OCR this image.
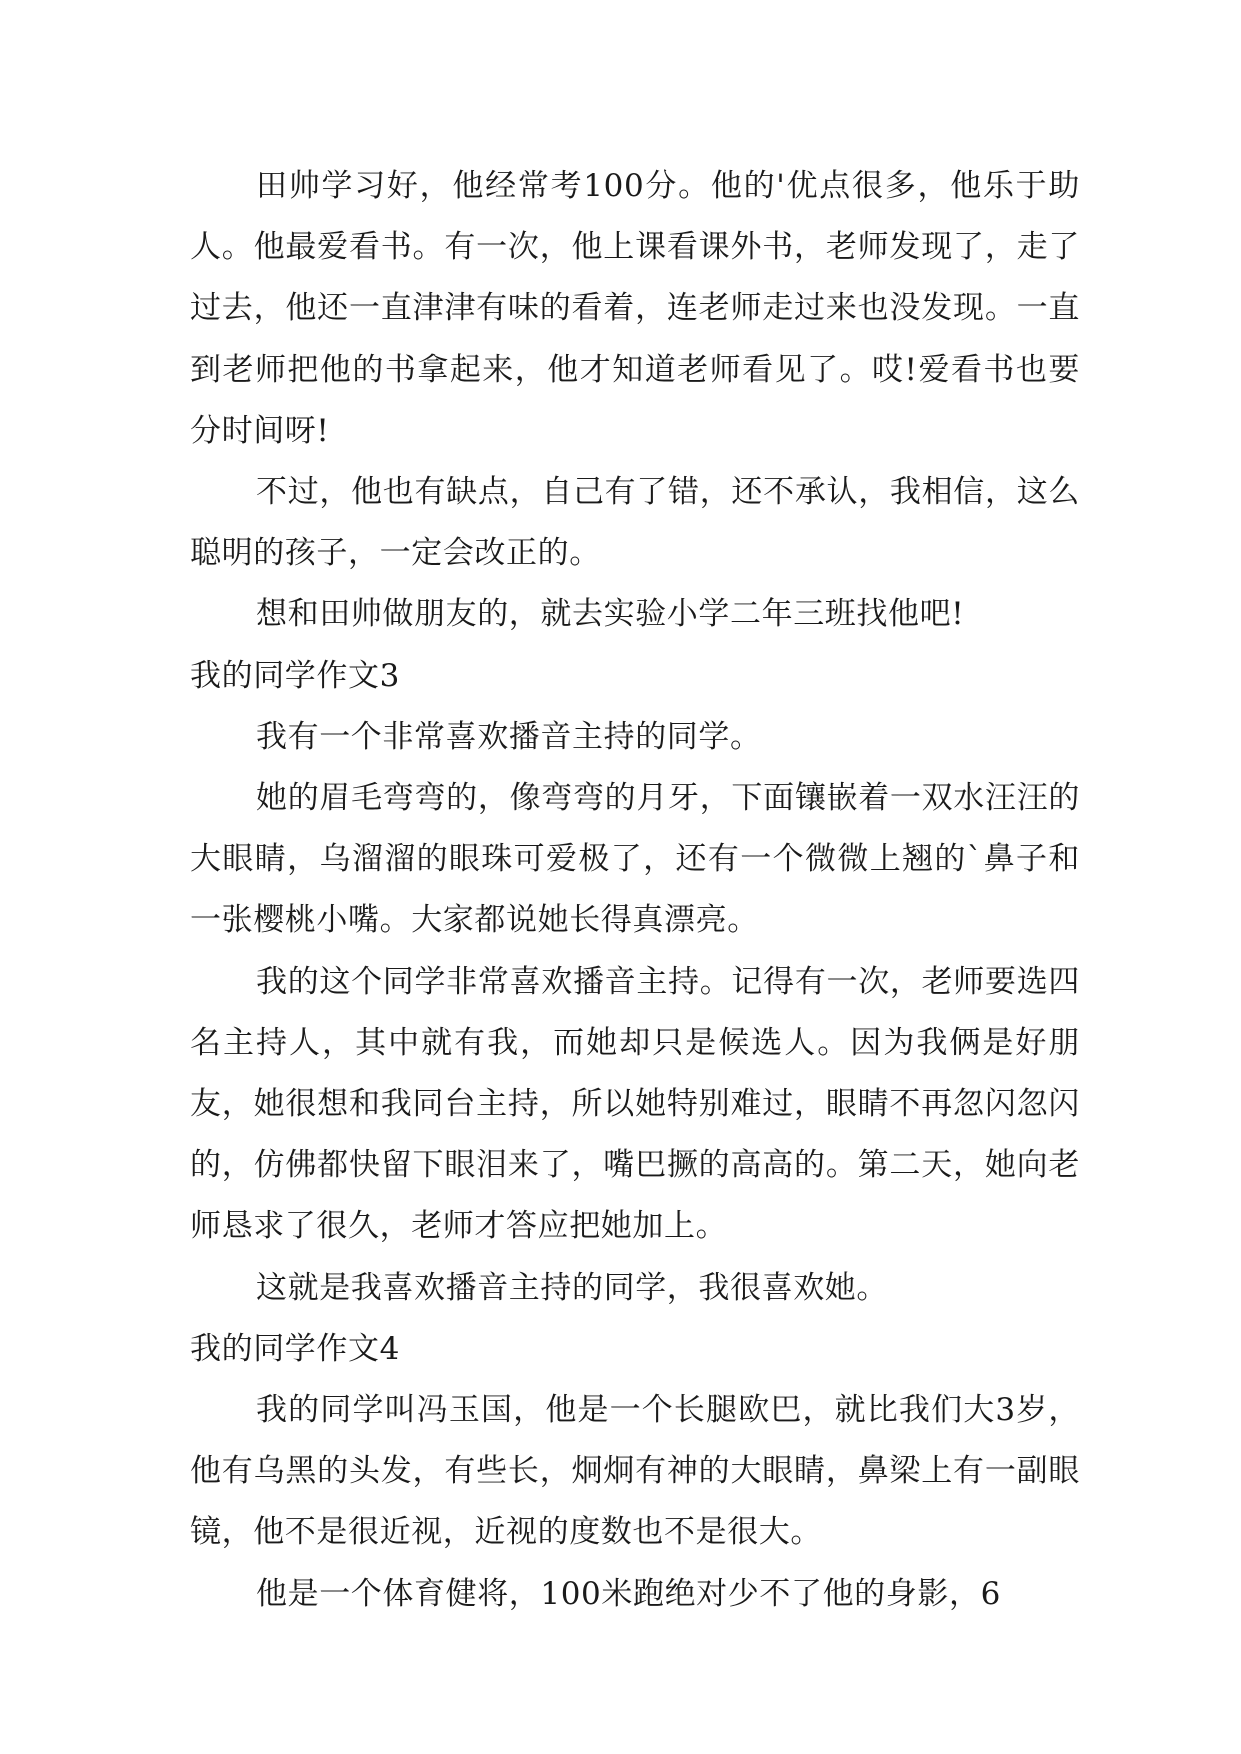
田帅学习好，他经常考100分。他的'优点很多，他乐于助人。他最爱看书。有一次，他上课看课外书，老师发现了，走了过去，他还一直津津有味的看着，连老师走过来也没发现。一直到老师把他的书拿起来，他才知道老师看见了。哎!爱看书也要分时间呀!

不过，他也有缺点，自己有了错，还不承认，我相信，这么聪明的孩子，一定会改正的。

想和田帅做朋友的，就去实验小学二年三班找他吧!

我的同学作文3

我有一个非常喜欢播音主持的同学。

她的眉毛弯弯的，像弯弯的月牙，下面镶嵌着一双水汪汪的大眼睛，乌溜溜的眼珠可爱极了，还有一个微微上翘的`鼻子和一张樱桃小嘴。大家都说她长得真漂亮。

我的这个同学非常喜欢播音主持。记得有一次，老师要选四名主持人，其中就有我，而她却只是候选人。因为我俩是好朋友，她很想和我同台主持，所以她特别难过，眼睛不再忽闪忽闪的，仿佛都快留下眼泪来了，嘴巴撅的高高的。第二天，她向老师恳求了很久，老师才答应把她加上。

这就是我喜欢播音主持的同学，我很喜欢她。

我的同学作文4

我的同学叫冯玉国，他是一个长腿欧巴，就比我们大3岁，他有乌黑的头发，有些长，炯炯有神的大眼睛，鼻梁上有一副眼镜，他不是很近视，近视的度数也不是很大。

他是一个体育健将，100米跑绝对少不了他的身影，6
